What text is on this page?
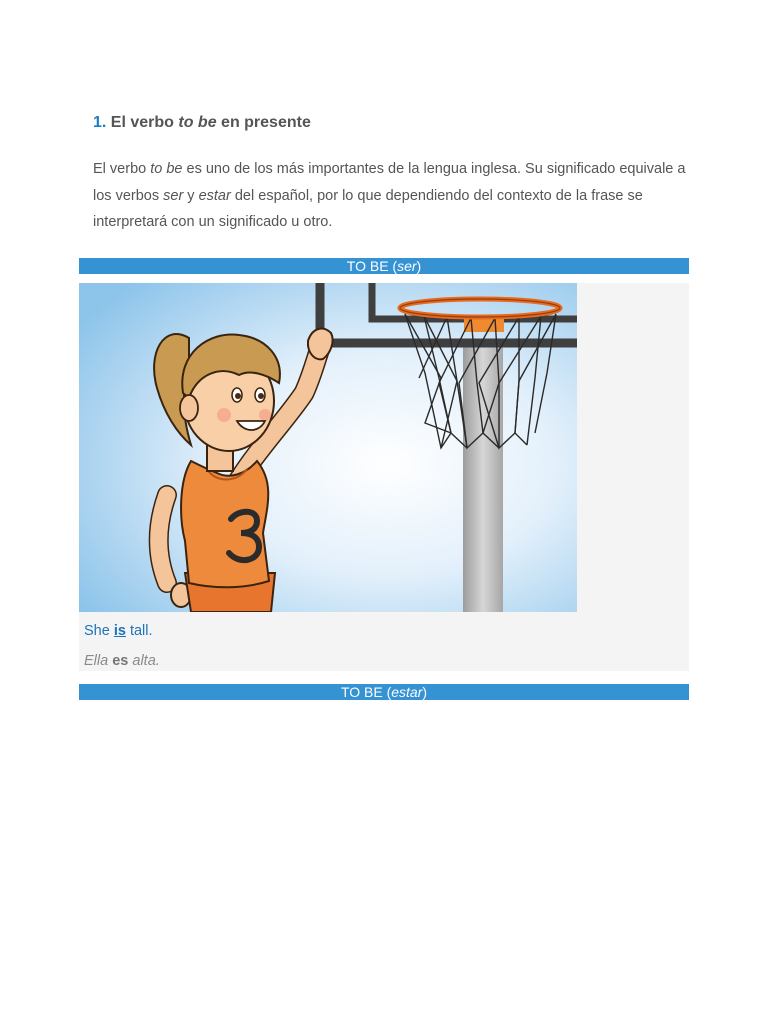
1. El verbo to be en presente

El verbo to be es uno de los más importantes de la lengua inglesa. Su significado equivale a los verbos ser y estar del español, por lo que dependiendo del contexto de la frase se interpretará con un significado u otro.

TO BE (ser)

She is tall.

Ella es alta.

TO BE (estar)
